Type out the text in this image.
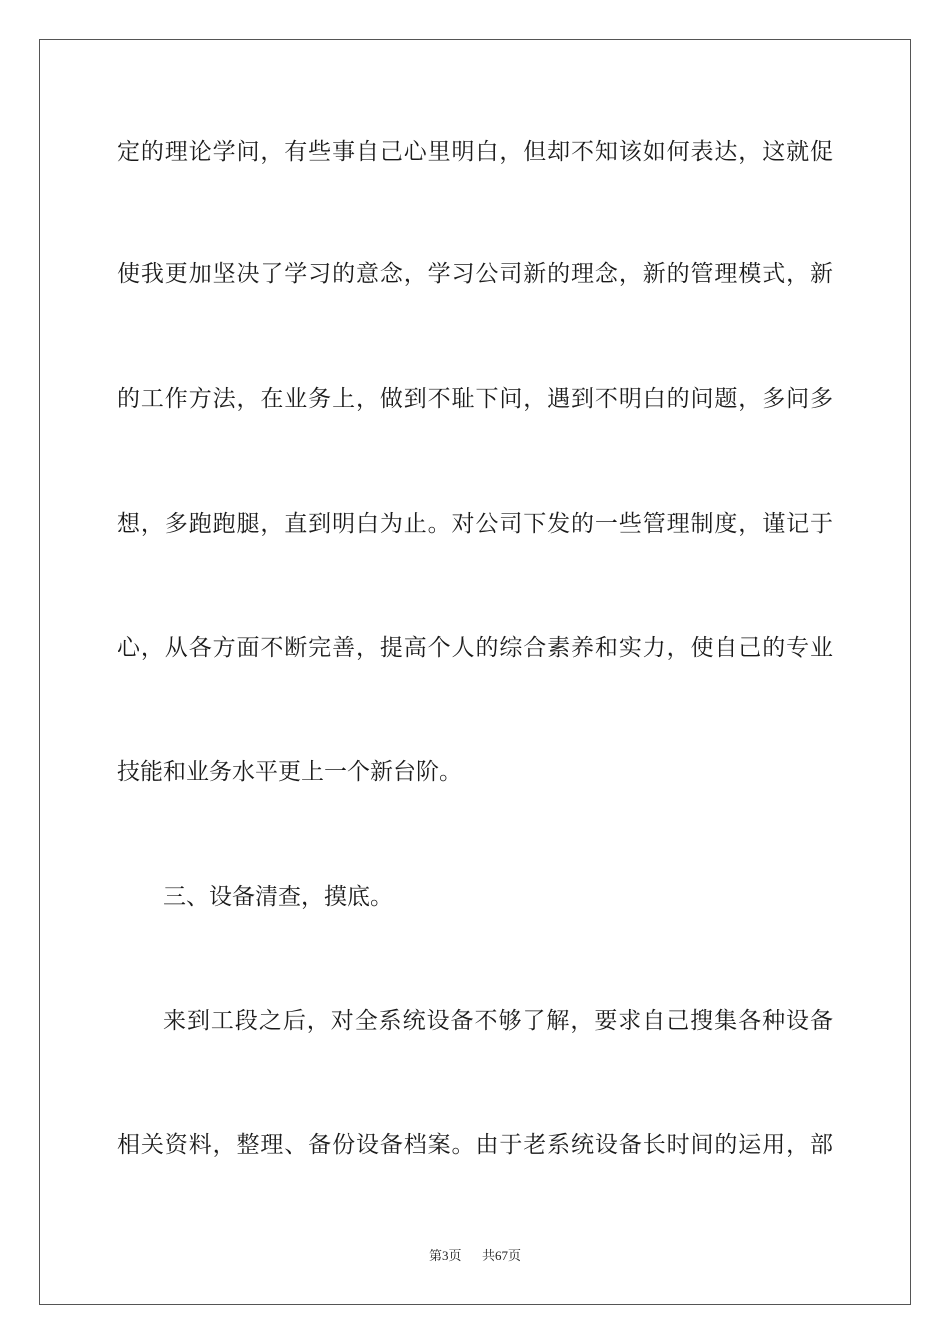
定的理论学问，有些事自己心里明白，但却不知该如何表达，这就促
使我更加坚决了学习的意念，学习公司新的理念，新的管理模式，新
的工作方法，在业务上，做到不耻下问，遇到不明白的问题，多问多
想，多跑跑腿，直到明白为止。对公司下发的一些管理制度，谨记于
心，从各方面不断完善，提高个人的综合素养和实力，使自己的专业
技能和业务水平更上一个新台阶。
三、设备清查，摸底。
来到工段之后，对全系统设备不够了解，要求自己搜集各种设备
相关资料，整理、备份设备档案。由于老系统设备长时间的运用，部
第3页 共67页
